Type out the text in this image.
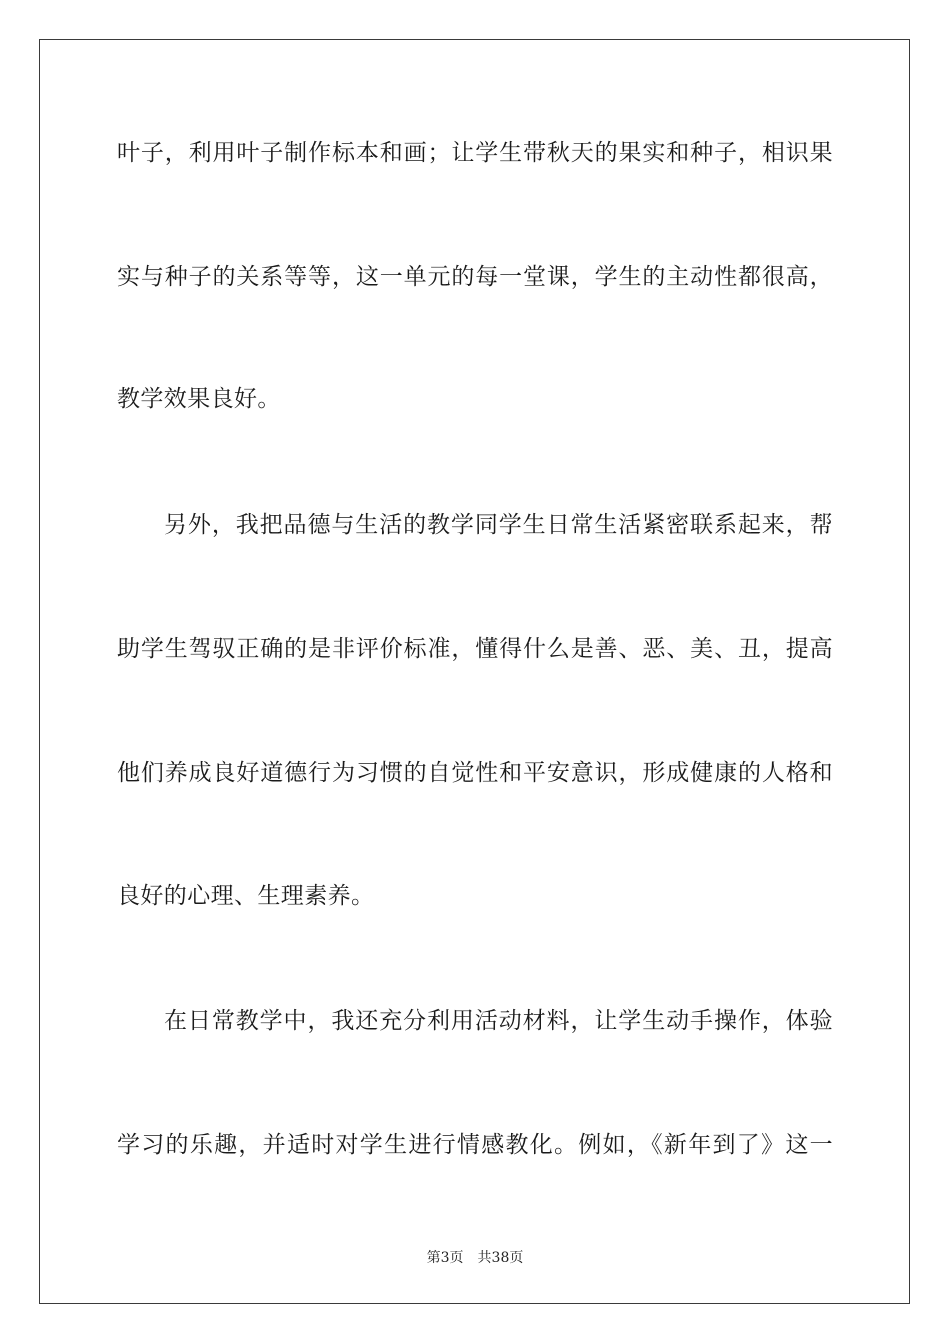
叶子，利用叶子制作标本和画；让学生带秋天的果实和种子，相识果
实与种子的关系等等，这一单元的每一堂课，学生的主动性都很高，
教学效果良好。
另外，我把品德与生活的教学同学生日常生活紧密联系起来，帮
助学生驾驭正确的是非评价标准，懂得什么是善、恶、美、丑，提高
他们养成良好道德行为习惯的自觉性和平安意识，形成健康的人格和
良好的心理、生理素养。
在日常教学中，我还充分利用活动材料，让学生动手操作，体验
学习的乐趣，并适时对学生进行情感教化。例如，《新年到了》这一
第3页 共38页
